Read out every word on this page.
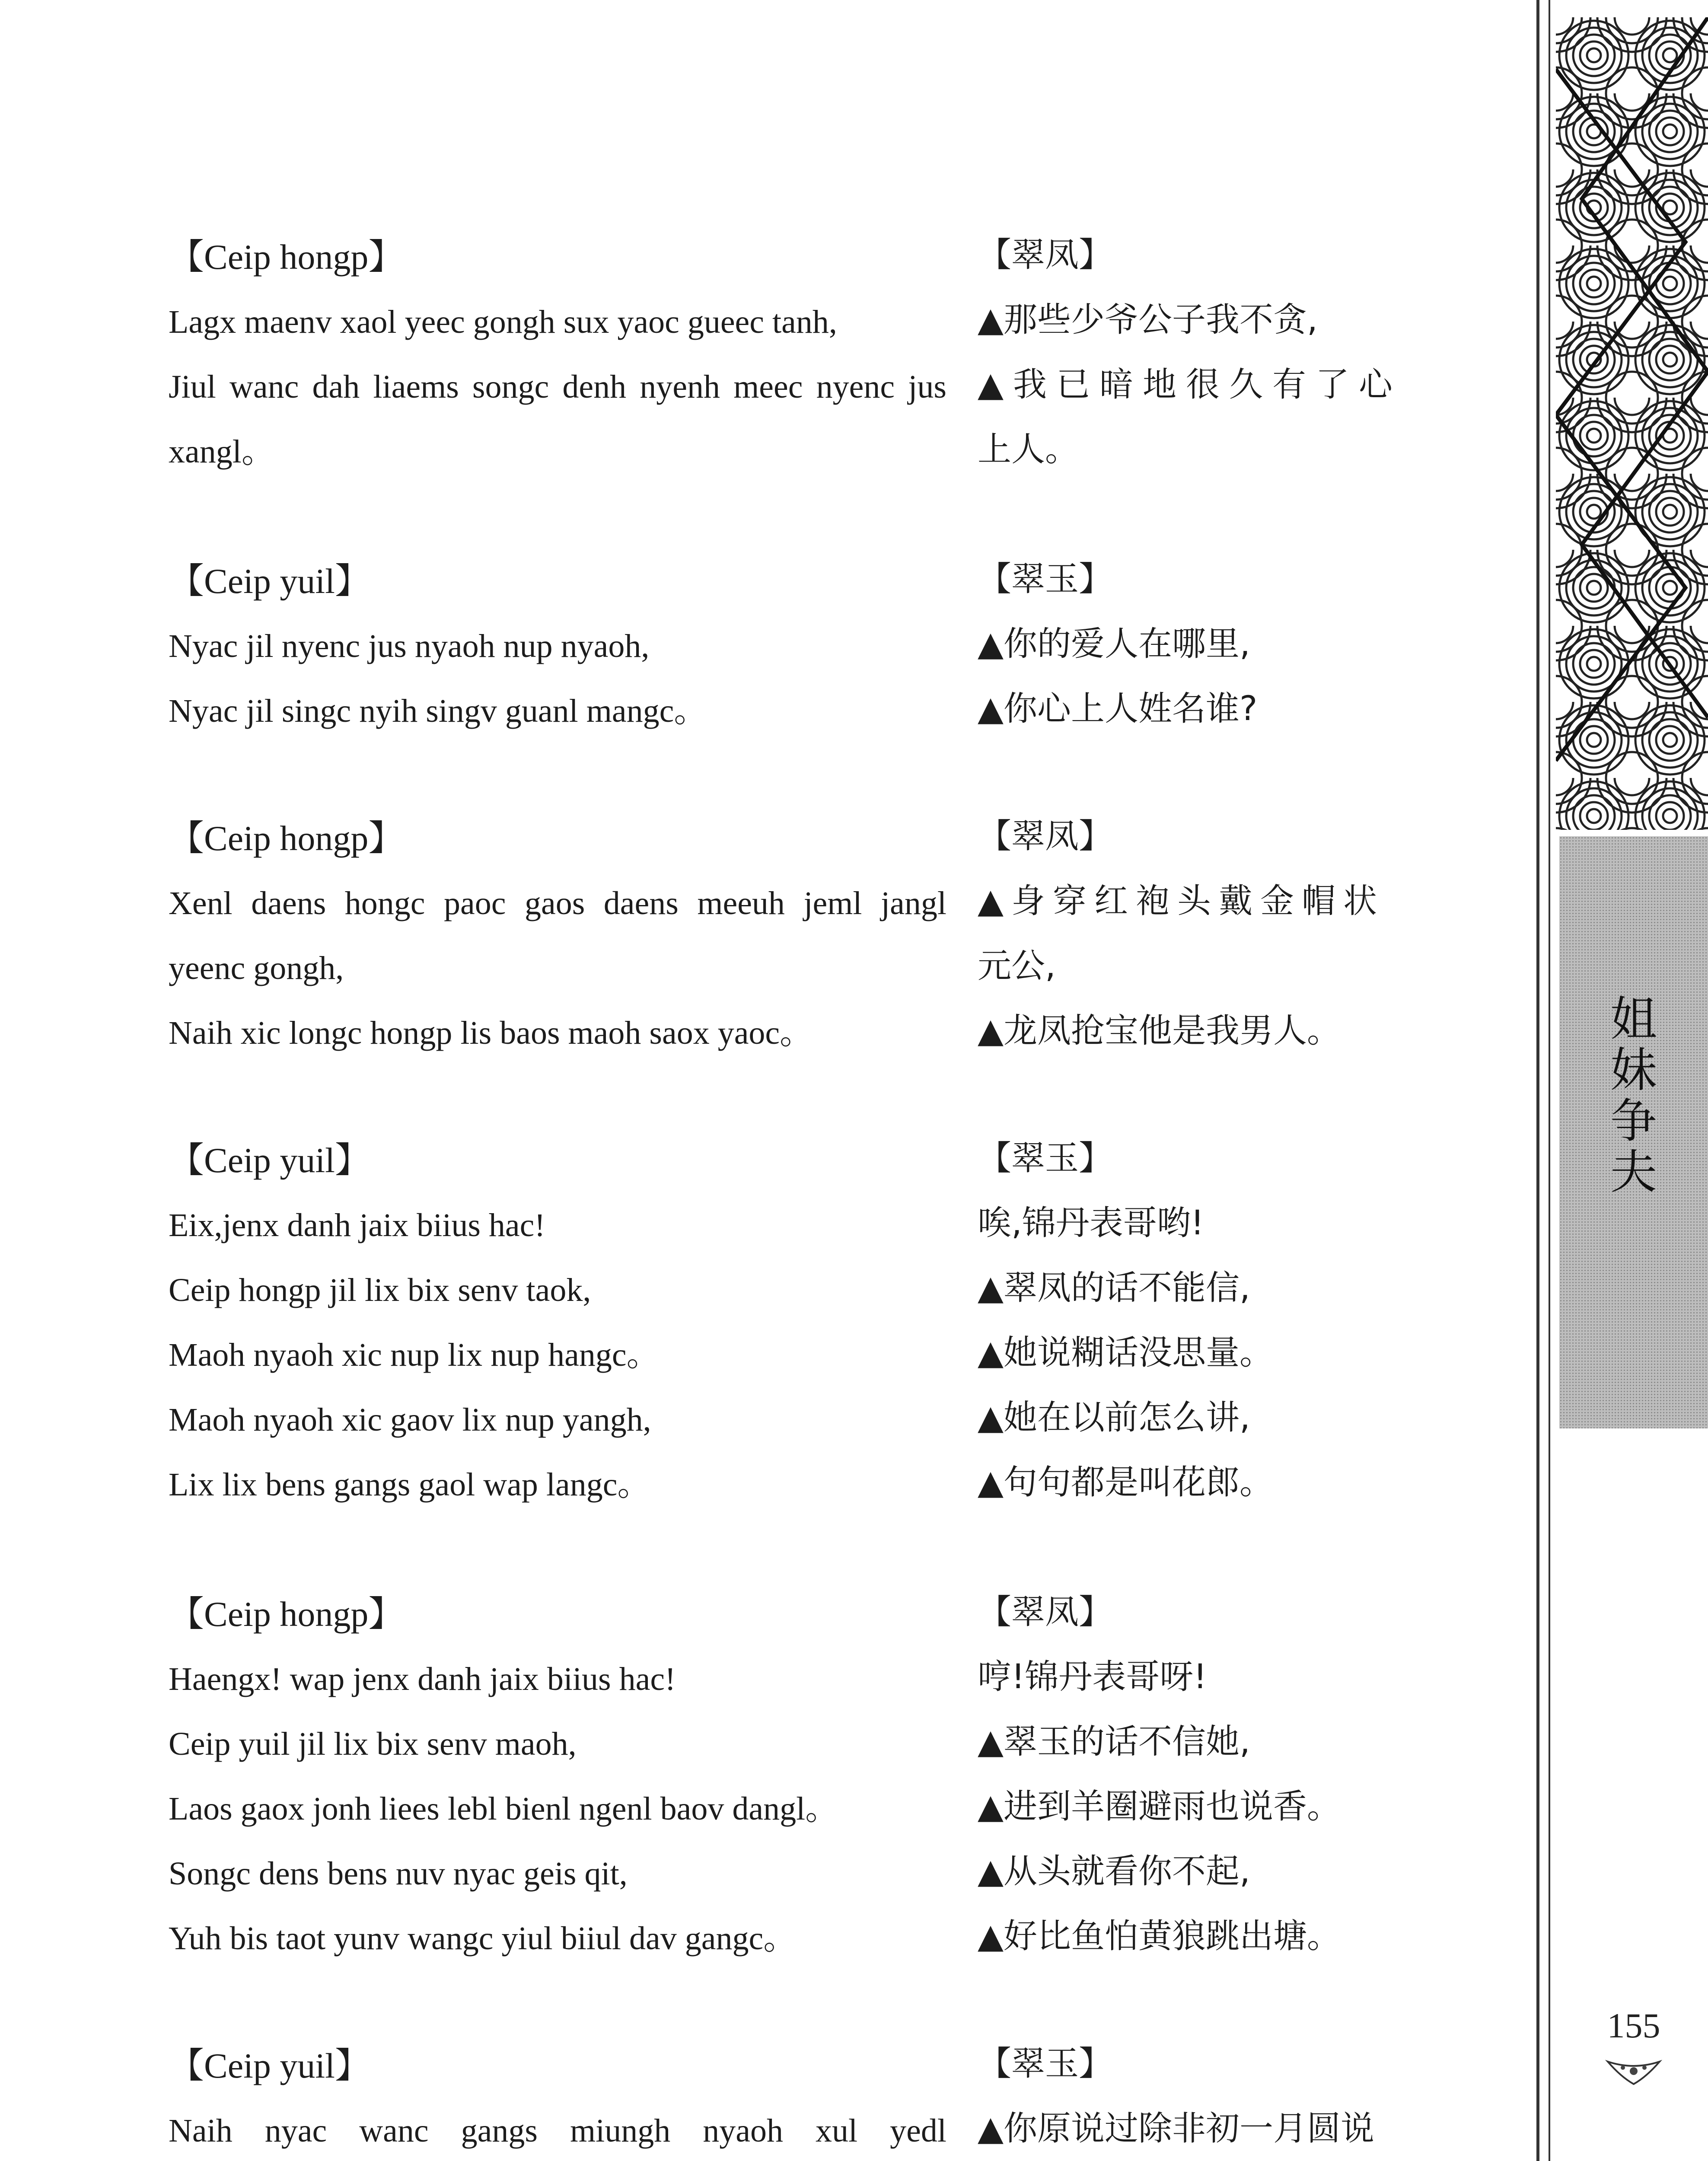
【Ceip hongp】
Lagx maenv xaol yeec gongh sux yaoc gueec tanh,
Jiul wanc dah liaems songc denh nyenh meec nyenc jus xangl。
【Ceip yuil】
Nyac jil nyenc jus nyaoh nup nyaoh,
Nyac jil singc nyih singv guanl mangc。
【Ceip hongp】
Xenl daens hongc paoc gaos daens meeuh jeml jangl yeenc gongh,
Naih xic longc hongp lis baos maoh saox yaoc。
【Ceip yuil】
Eix,jenx danh jaix biius hac!
Ceip hongp jil lix bix senv taok,
Maoh nyaoh xic nup lix nup hangc。
Maoh nyaoh xic gaov lix nup yangh,
Lix lix bens gangs gaol wap langc。
【Ceip hongp】
Haengx! wap jenx danh jaix biius hac!
Ceip yuil jil lix bix senv maoh,
Laos gaox jonh liees lebl bienl ngenl baov dangl。
Songc dens bens nuv nyac geis qit,
Yuh bis taot yunv wangc yiul biiul dav gangc。
【Ceip yuil】
Naih nyac wanc gangs miungh nyaoh xul yedl
【翠凤】
▲那些少爷公子我不贪,
▲我已暗地很久有了心
上人。
【翠玉】
▲你的爱人在哪里,
▲你心上人姓名谁?
【翠凤】
▲身穿红袍头戴金帽状
元公,
▲龙凤抢宝他是我男人。
【翠玉】
唉,锦丹表哥哟!
▲翠凤的话不能信,
▲她说糊话没思量。
▲她在以前怎么讲,
▲句句都是叫花郎。
【翠凤】
哼!锦丹表哥呀!
▲翠玉的话不信她,
▲进到羊圈避雨也说香。
▲从头就看你不起,
▲好比鱼怕黄狼跳出塘。
【翠玉】
▲你原说过除非初一月圆说
姐
妹
争
夫
155
